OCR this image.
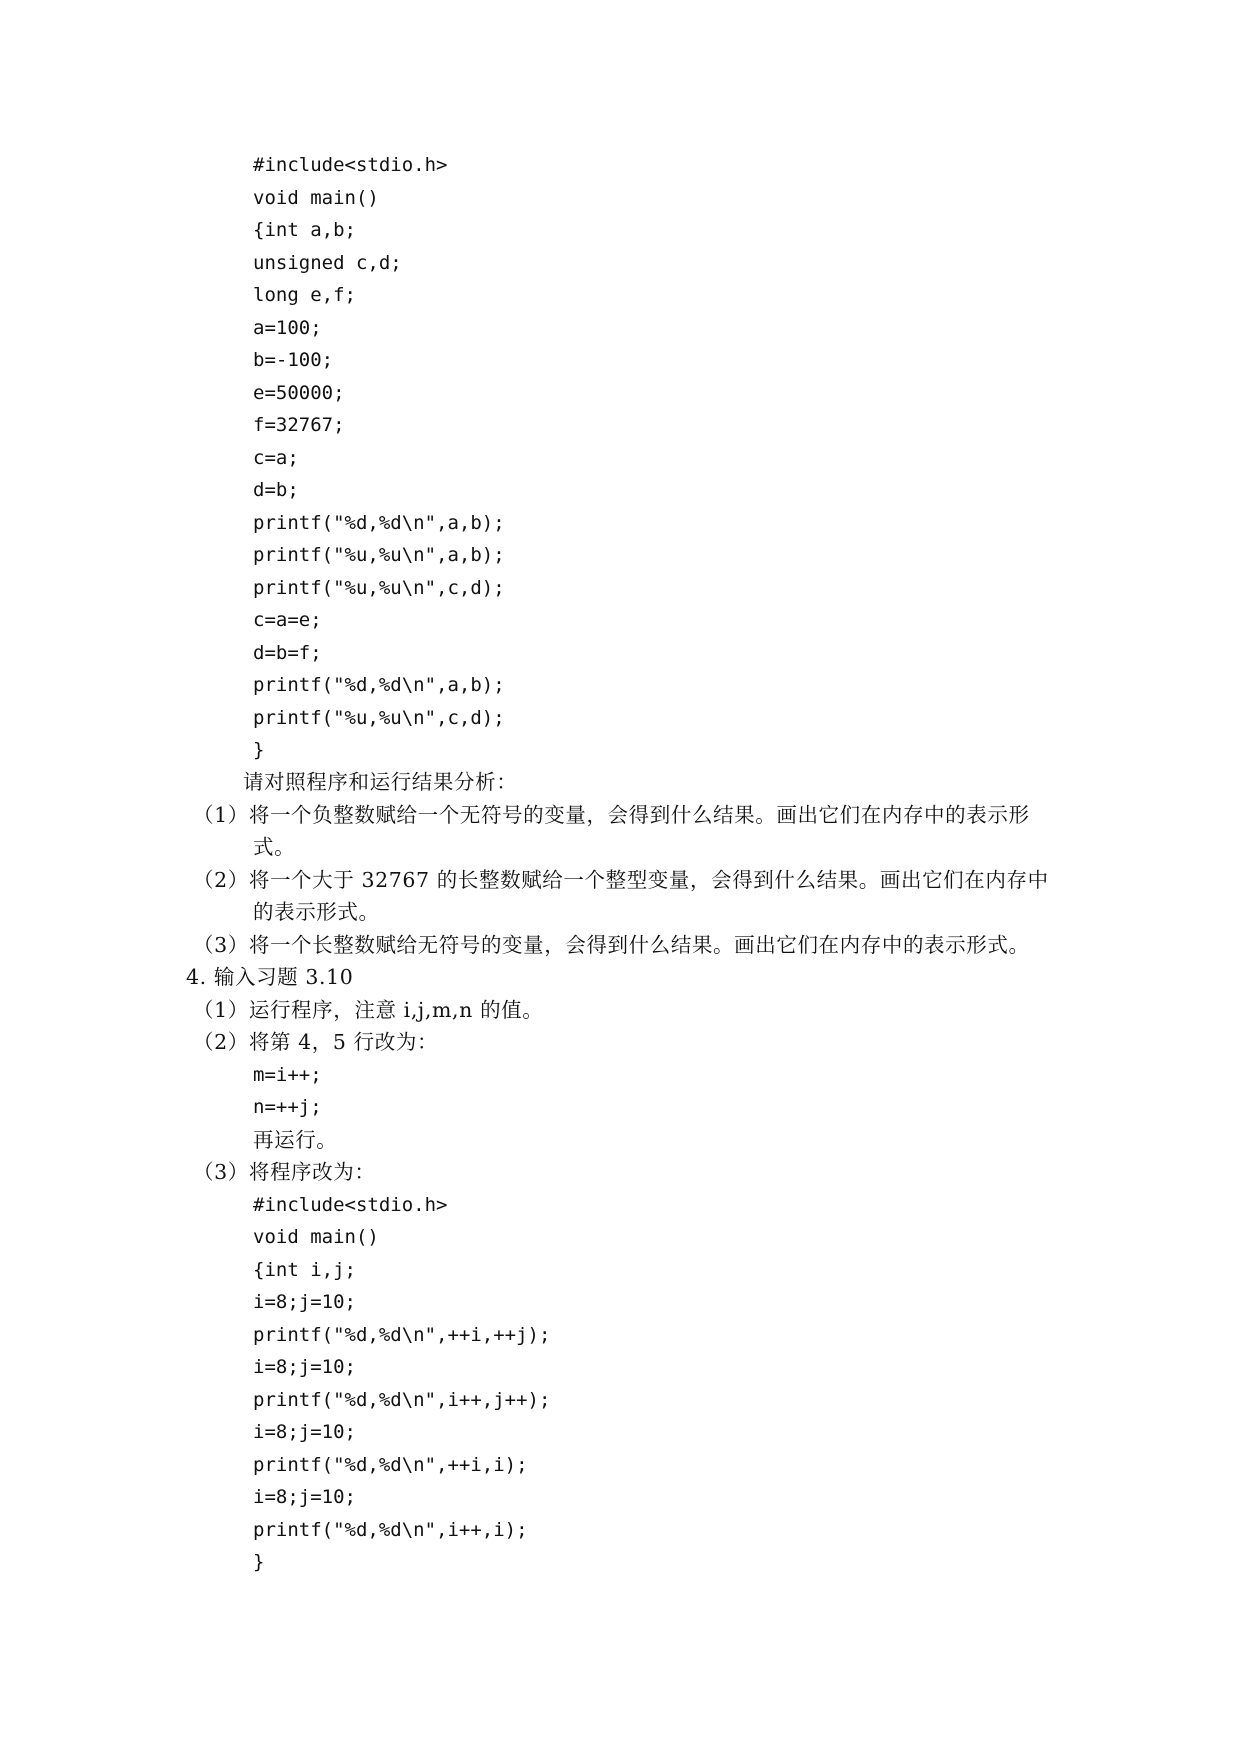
#include<stdio.h>
void main()
{int a,b;
unsigned c,d;
long e,f;
a=100;
b=-100;
e=50000;
f=32767;
c=a;
d=b;
printf("%d,%d\n",a,b);
printf("%u,%u\n",a,b);
printf("%u,%u\n",c,d);
c=a=e;
d=b=f;
printf("%d,%d\n",a,b);
printf("%u,%u\n",c,d);
}
请对照程序和运行结果分析：
（1）将一个负整数赋给一个无符号的变量，会得到什么结果。画出它们在内存中的表示形
式。
（2）将一个大于 32767 的长整数赋给一个整型变量，会得到什么结果。画出它们在内存中
的表示形式。
（3）将一个长整数赋给无符号的变量，会得到什么结果。画出它们在内存中的表示形式。
4. 输入习题 3.10
（1）运行程序，注意 i,j,m,n 的值。
（2）将第 4，5 行改为：
m=i++;
n=++j;
再运行。
（3）将程序改为：
#include<stdio.h>
void main()
{int i,j;
i=8;j=10;
printf("%d,%d\n",++i,++j);
i=8;j=10;
printf("%d,%d\n",i++,j++);
i=8;j=10;
printf("%d,%d\n",++i,i);
i=8;j=10;
printf("%d,%d\n",i++,i);
}
